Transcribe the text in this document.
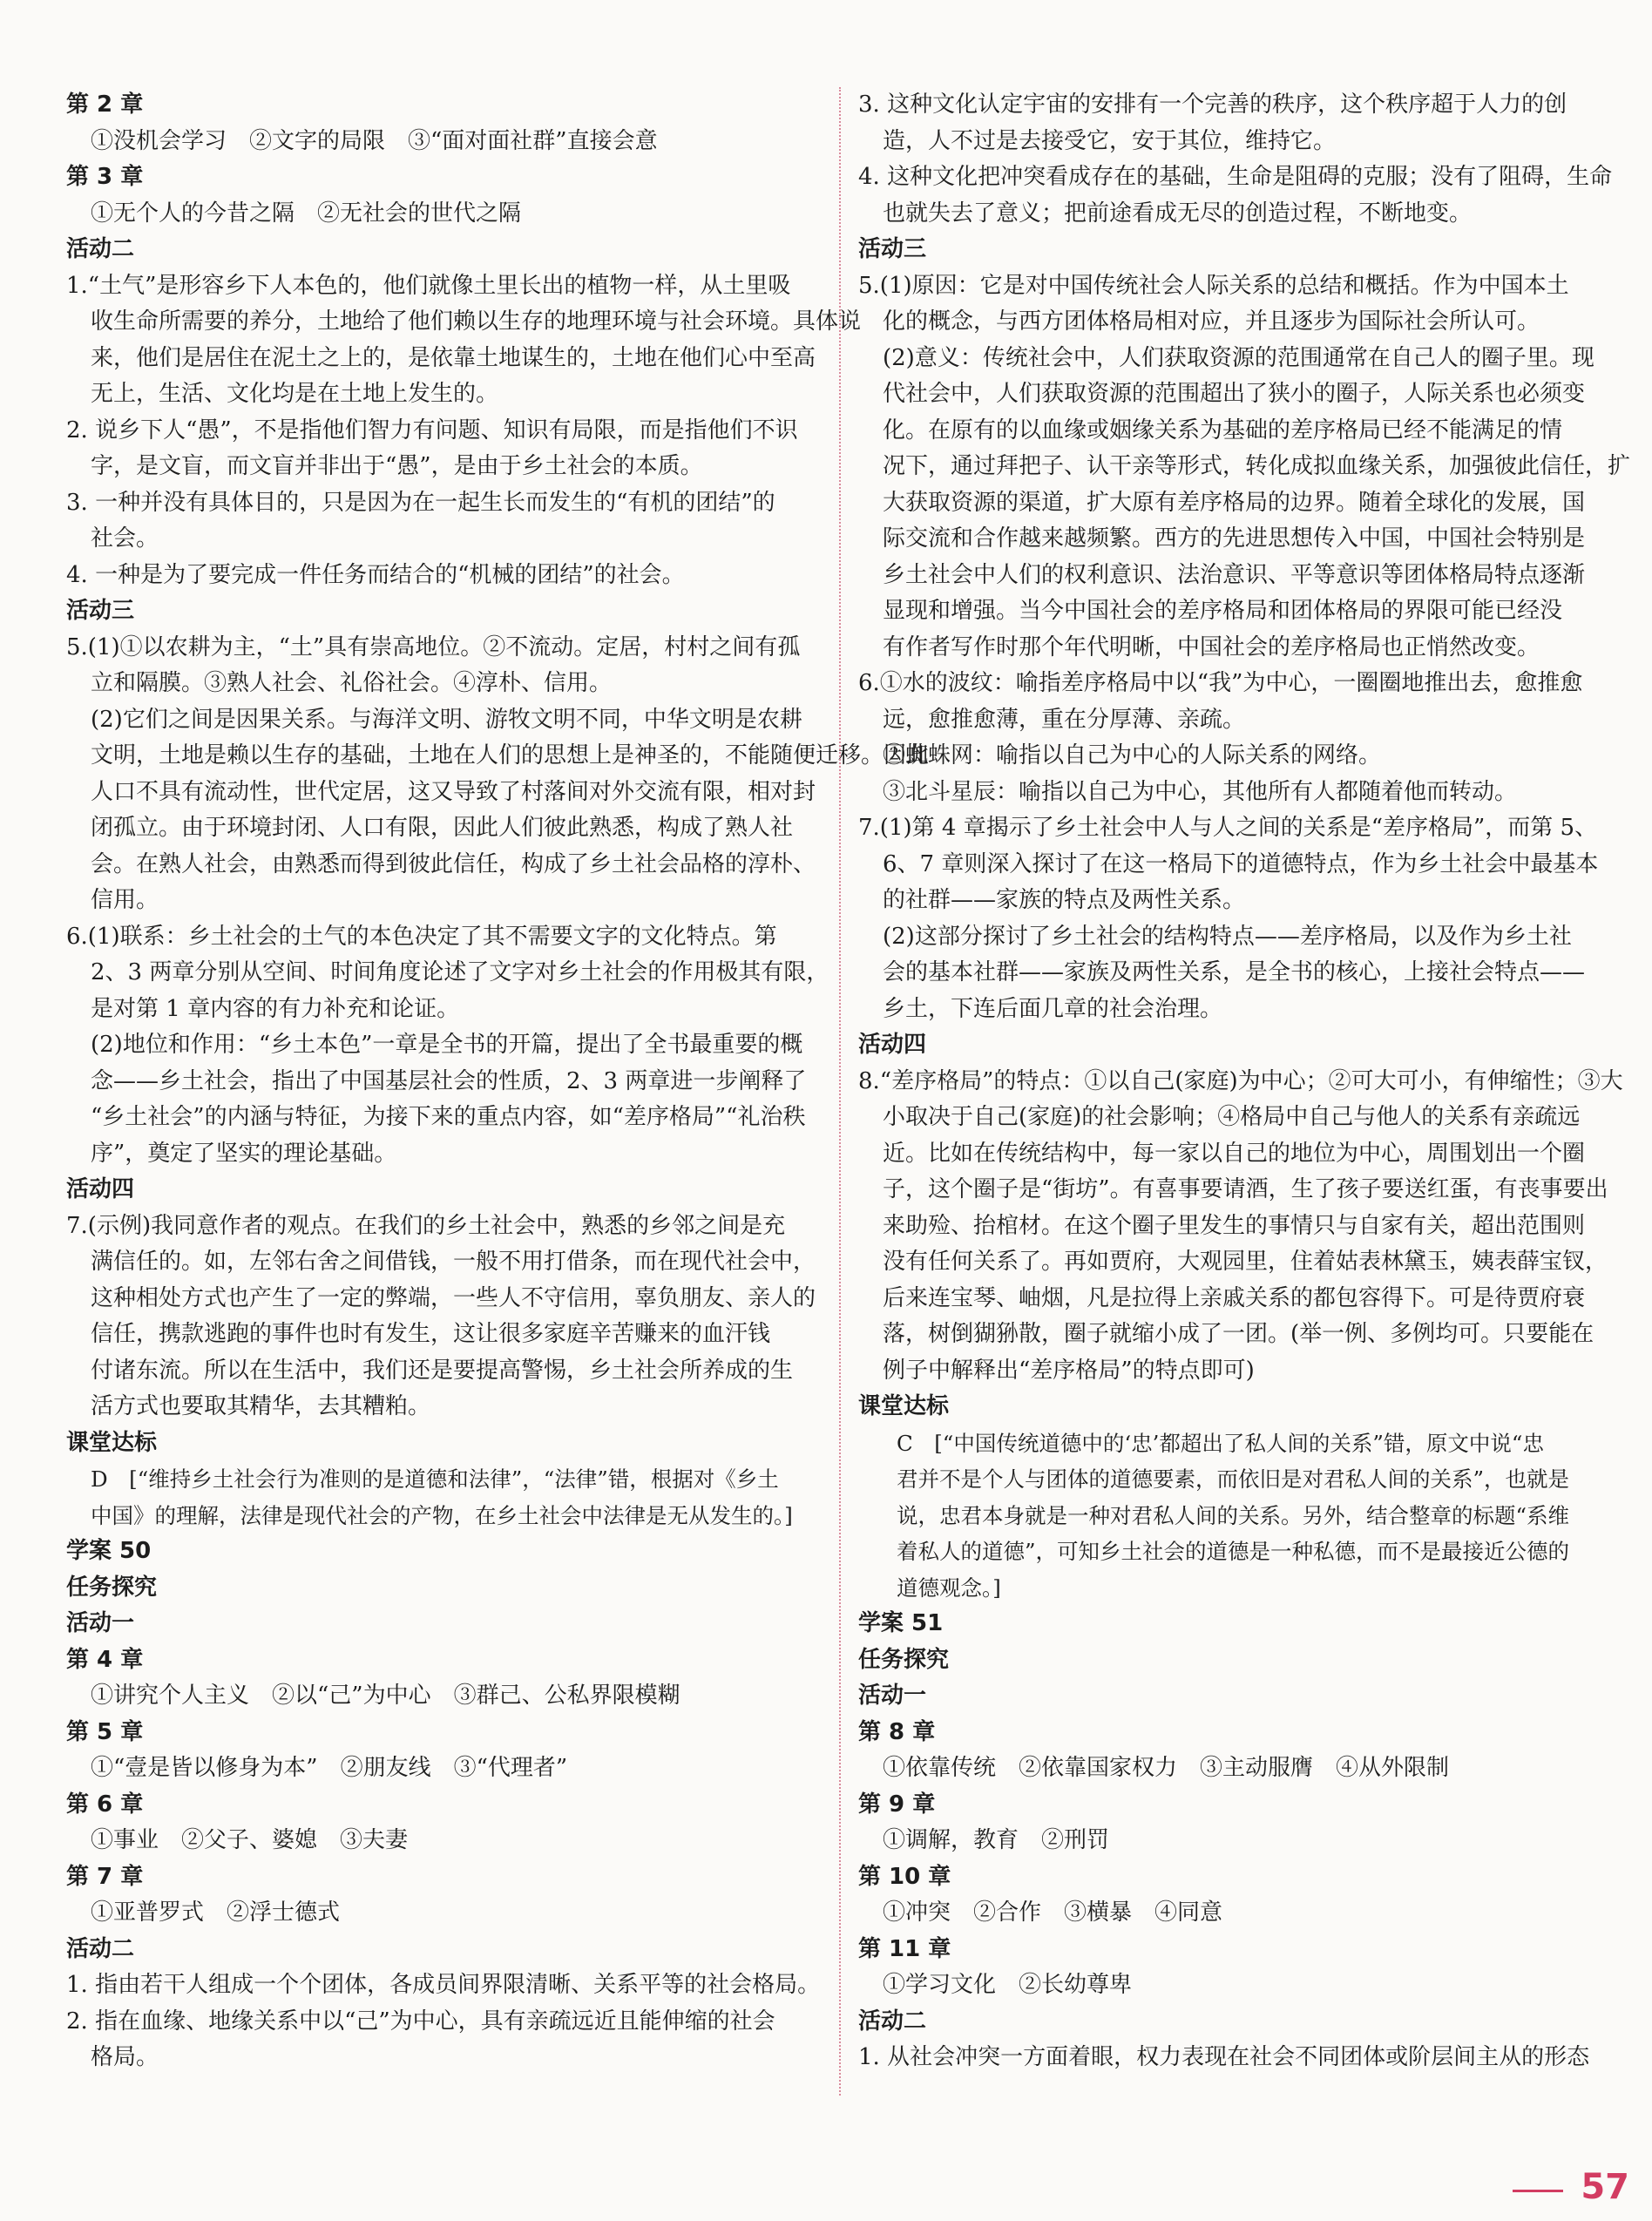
第 2 章
①没机会学习　②文字的局限　③“面对面社群”直接会意
第 3 章
①无个人的今昔之隔　②无社会的世代之隔
活动二
1.“土气”是形容乡下人本色的，他们就像土里长出的植物一样，从土里吸
收生命所需要的养分，土地给了他们赖以生存的地理环境与社会环境。具体说
来，他们是居住在泥土之上的，是依靠土地谋生的，土地在他们心中至高
无上，生活、文化均是在土地上发生的。
2. 说乡下人“愚”，不是指他们智力有问题、知识有局限，而是指他们不识
字，是文盲，而文盲并非出于“愚”，是由于乡土社会的本质。
3. 一种并没有具体目的，只是因为在一起生长而发生的“有机的团结”的
社会。
4. 一种是为了要完成一件任务而结合的“机械的团结”的社会。
活动三
5.(1)①以农耕为主，“土”具有崇高地位。②不流动。定居，村村之间有孤
立和隔膜。③熟人社会、礼俗社会。④淳朴、信用。
(2)它们之间是因果关系。与海洋文明、游牧文明不同，中华文明是农耕
文明，土地是赖以生存的基础，土地在人们的思想上是神圣的，不能随便迁移。因此
人口不具有流动性，世代定居，这又导致了村落间对外交流有限，相对封
闭孤立。由于环境封闭、人口有限，因此人们彼此熟悉，构成了熟人社
会。在熟人社会，由熟悉而得到彼此信任，构成了乡土社会品格的淳朴、
信用。
6.(1)联系：乡土社会的土气的本色决定了其不需要文字的文化特点。第
2、3 两章分别从空间、时间角度论述了文字对乡土社会的作用极其有限，
是对第 1 章内容的有力补充和论证。
(2)地位和作用：“乡土本色”一章是全书的开篇，提出了全书最重要的概
念——乡土社会，指出了中国基层社会的性质，2、3 两章进一步阐释了
“乡土社会”的内涵与特征，为接下来的重点内容，如“差序格局”“礼治秩
序”，奠定了坚实的理论基础。
活动四
7.(示例)我同意作者的观点。在我们的乡土社会中，熟悉的乡邻之间是充
满信任的。如，左邻右舍之间借钱，一般不用打借条，而在现代社会中，
这种相处方式也产生了一定的弊端，一些人不守信用，辜负朋友、亲人的
信任，携款逃跑的事件也时有发生，这让很多家庭辛苦赚来的血汗钱
付诸东流。所以在生活中，我们还是要提高警惕，乡土社会所养成的生
活方式也要取其精华，去其糟粕。
课堂达标
D　[“维持乡土社会行为准则的是道德和法律”，“法律”错，根据对《乡土
中国》的理解，法律是现代社会的产物，在乡土社会中法律是无从发生的。]
学案 50
任务探究
活动一
第 4 章
①讲究个人主义　②以“己”为中心　③群己、公私界限模糊
第 5 章
①“壹是皆以修身为本”　②朋友线　③“代理者”
第 6 章
①事业　②父子、婆媳　③夫妻
第 7 章
①亚普罗式　②浮士德式
活动二
1. 指由若干人组成一个个团体，各成员间界限清晰、关系平等的社会格局。
2. 指在血缘、地缘关系中以“己”为中心，具有亲疏远近且能伸缩的社会
格局。
3. 这种文化认定宇宙的安排有一个完善的秩序，这个秩序超于人力的创
造，人不过是去接受它，安于其位，维持它。
4. 这种文化把冲突看成存在的基础，生命是阻碍的克服；没有了阻碍，生命
也就失去了意义；把前途看成无尽的创造过程，不断地变。
活动三
5.(1)原因：它是对中国传统社会人际关系的总结和概括。作为中国本土
化的概念，与西方团体格局相对应，并且逐步为国际社会所认可。
(2)意义：传统社会中，人们获取资源的范围通常在自己人的圈子里。现
代社会中，人们获取资源的范围超出了狭小的圈子，人际关系也必须变
化。在原有的以血缘或姻缘关系为基础的差序格局已经不能满足的情
况下，通过拜把子、认干亲等形式，转化成拟血缘关系，加强彼此信任，扩
大获取资源的渠道，扩大原有差序格局的边界。随着全球化的发展，国
际交流和合作越来越频繁。西方的先进思想传入中国，中国社会特别是
乡土社会中人们的权利意识、法治意识、平等意识等团体格局特点逐渐
显现和增强。当今中国社会的差序格局和团体格局的界限可能已经没
有作者写作时那个年代明晰，中国社会的差序格局也正悄然改变。
6.①水的波纹：喻指差序格局中以“我”为中心，一圈圈地推出去，愈推愈
远，愈推愈薄，重在分厚薄、亲疏。
②蜘蛛网：喻指以自己为中心的人际关系的网络。
③北斗星辰：喻指以自己为中心，其他所有人都随着他而转动。
7.(1)第 4 章揭示了乡土社会中人与人之间的关系是“差序格局”，而第 5、
6、7 章则深入探讨了在这一格局下的道德特点，作为乡土社会中最基本
的社群——家族的特点及两性关系。
(2)这部分探讨了乡土社会的结构特点——差序格局，以及作为乡土社
会的基本社群——家族及两性关系，是全书的核心，上接社会特点——
乡土，下连后面几章的社会治理。
活动四
8.“差序格局”的特点：①以自己(家庭)为中心；②可大可小，有伸缩性；③大
小取决于自己(家庭)的社会影响；④格局中自己与他人的关系有亲疏远
近。比如在传统结构中，每一家以自己的地位为中心，周围划出一个圈
子，这个圈子是“街坊”。有喜事要请酒，生了孩子要送红蛋，有丧事要出
来助殓、抬棺材。在这个圈子里发生的事情只与自家有关，超出范围则
没有任何关系了。再如贾府，大观园里，住着姑表林黛玉，姨表薛宝钗，
后来连宝琴、岫烟，凡是拉得上亲戚关系的都包容得下。可是待贾府衰
落，树倒猢狲散，圈子就缩小成了一团。(举一例、多例均可。只要能在
例子中解释出“差序格局”的特点即可)
课堂达标
C　[“中国传统道德中的‘忠’都超出了私人间的关系”错，原文中说“忠
君并不是个人与团体的道德要素，而依旧是对君私人间的关系”，也就是
说，忠君本身就是一种对君私人间的关系。另外，结合整章的标题“系维
着私人的道德”，可知乡土社会的道德是一种私德，而不是最接近公德的
道德观念。]
学案 51
任务探究
活动一
第 8 章
①依靠传统　②依靠国家权力　③主动服膺　④从外限制
第 9 章
①调解，教育　②刑罚
第 10 章
①冲突　②合作　③横暴　④同意
第 11 章
①学习文化　②长幼尊卑
活动二
1. 从社会冲突一方面着眼，权力表现在社会不同团体或阶层间主从的形态
57
